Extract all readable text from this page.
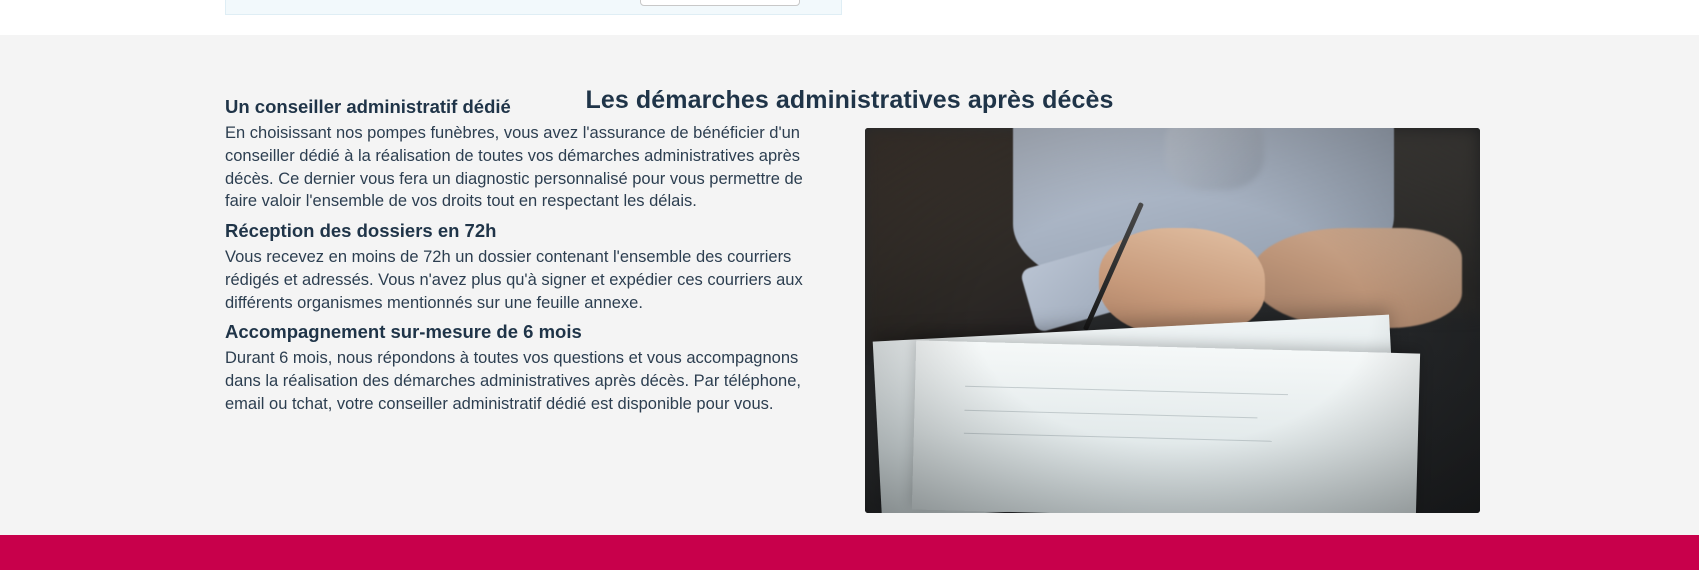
Les démarches administratives après décès
Un conseiller administratif dédié

En choisissant nos pompes funèbres, vous avez l'assurance de bénéficier d'un conseiller dédié à la réalisation de toutes vos démarches administratives après décès. Ce dernier vous fera un diagnostic personnalisé pour vous permettre de faire valoir l'ensemble de vos droits tout en respectant les délais.

Réception des dossiers en 72h

Vous recevez en moins de 72h un dossier contenant l'ensemble des courriers rédigés et adressés. Vous n'avez plus qu'à signer et expédier ces courriers aux différents organismes mentionnés sur une feuille annexe.

Accompagnement sur-mesure de 6 mois

Durant 6 mois, nous répondons à toutes vos questions et vous accompagnons dans la réalisation des démarches administratives après décès. Par téléphone, email ou tchat, votre conseiller administratif dédié est disponible pour vous.
